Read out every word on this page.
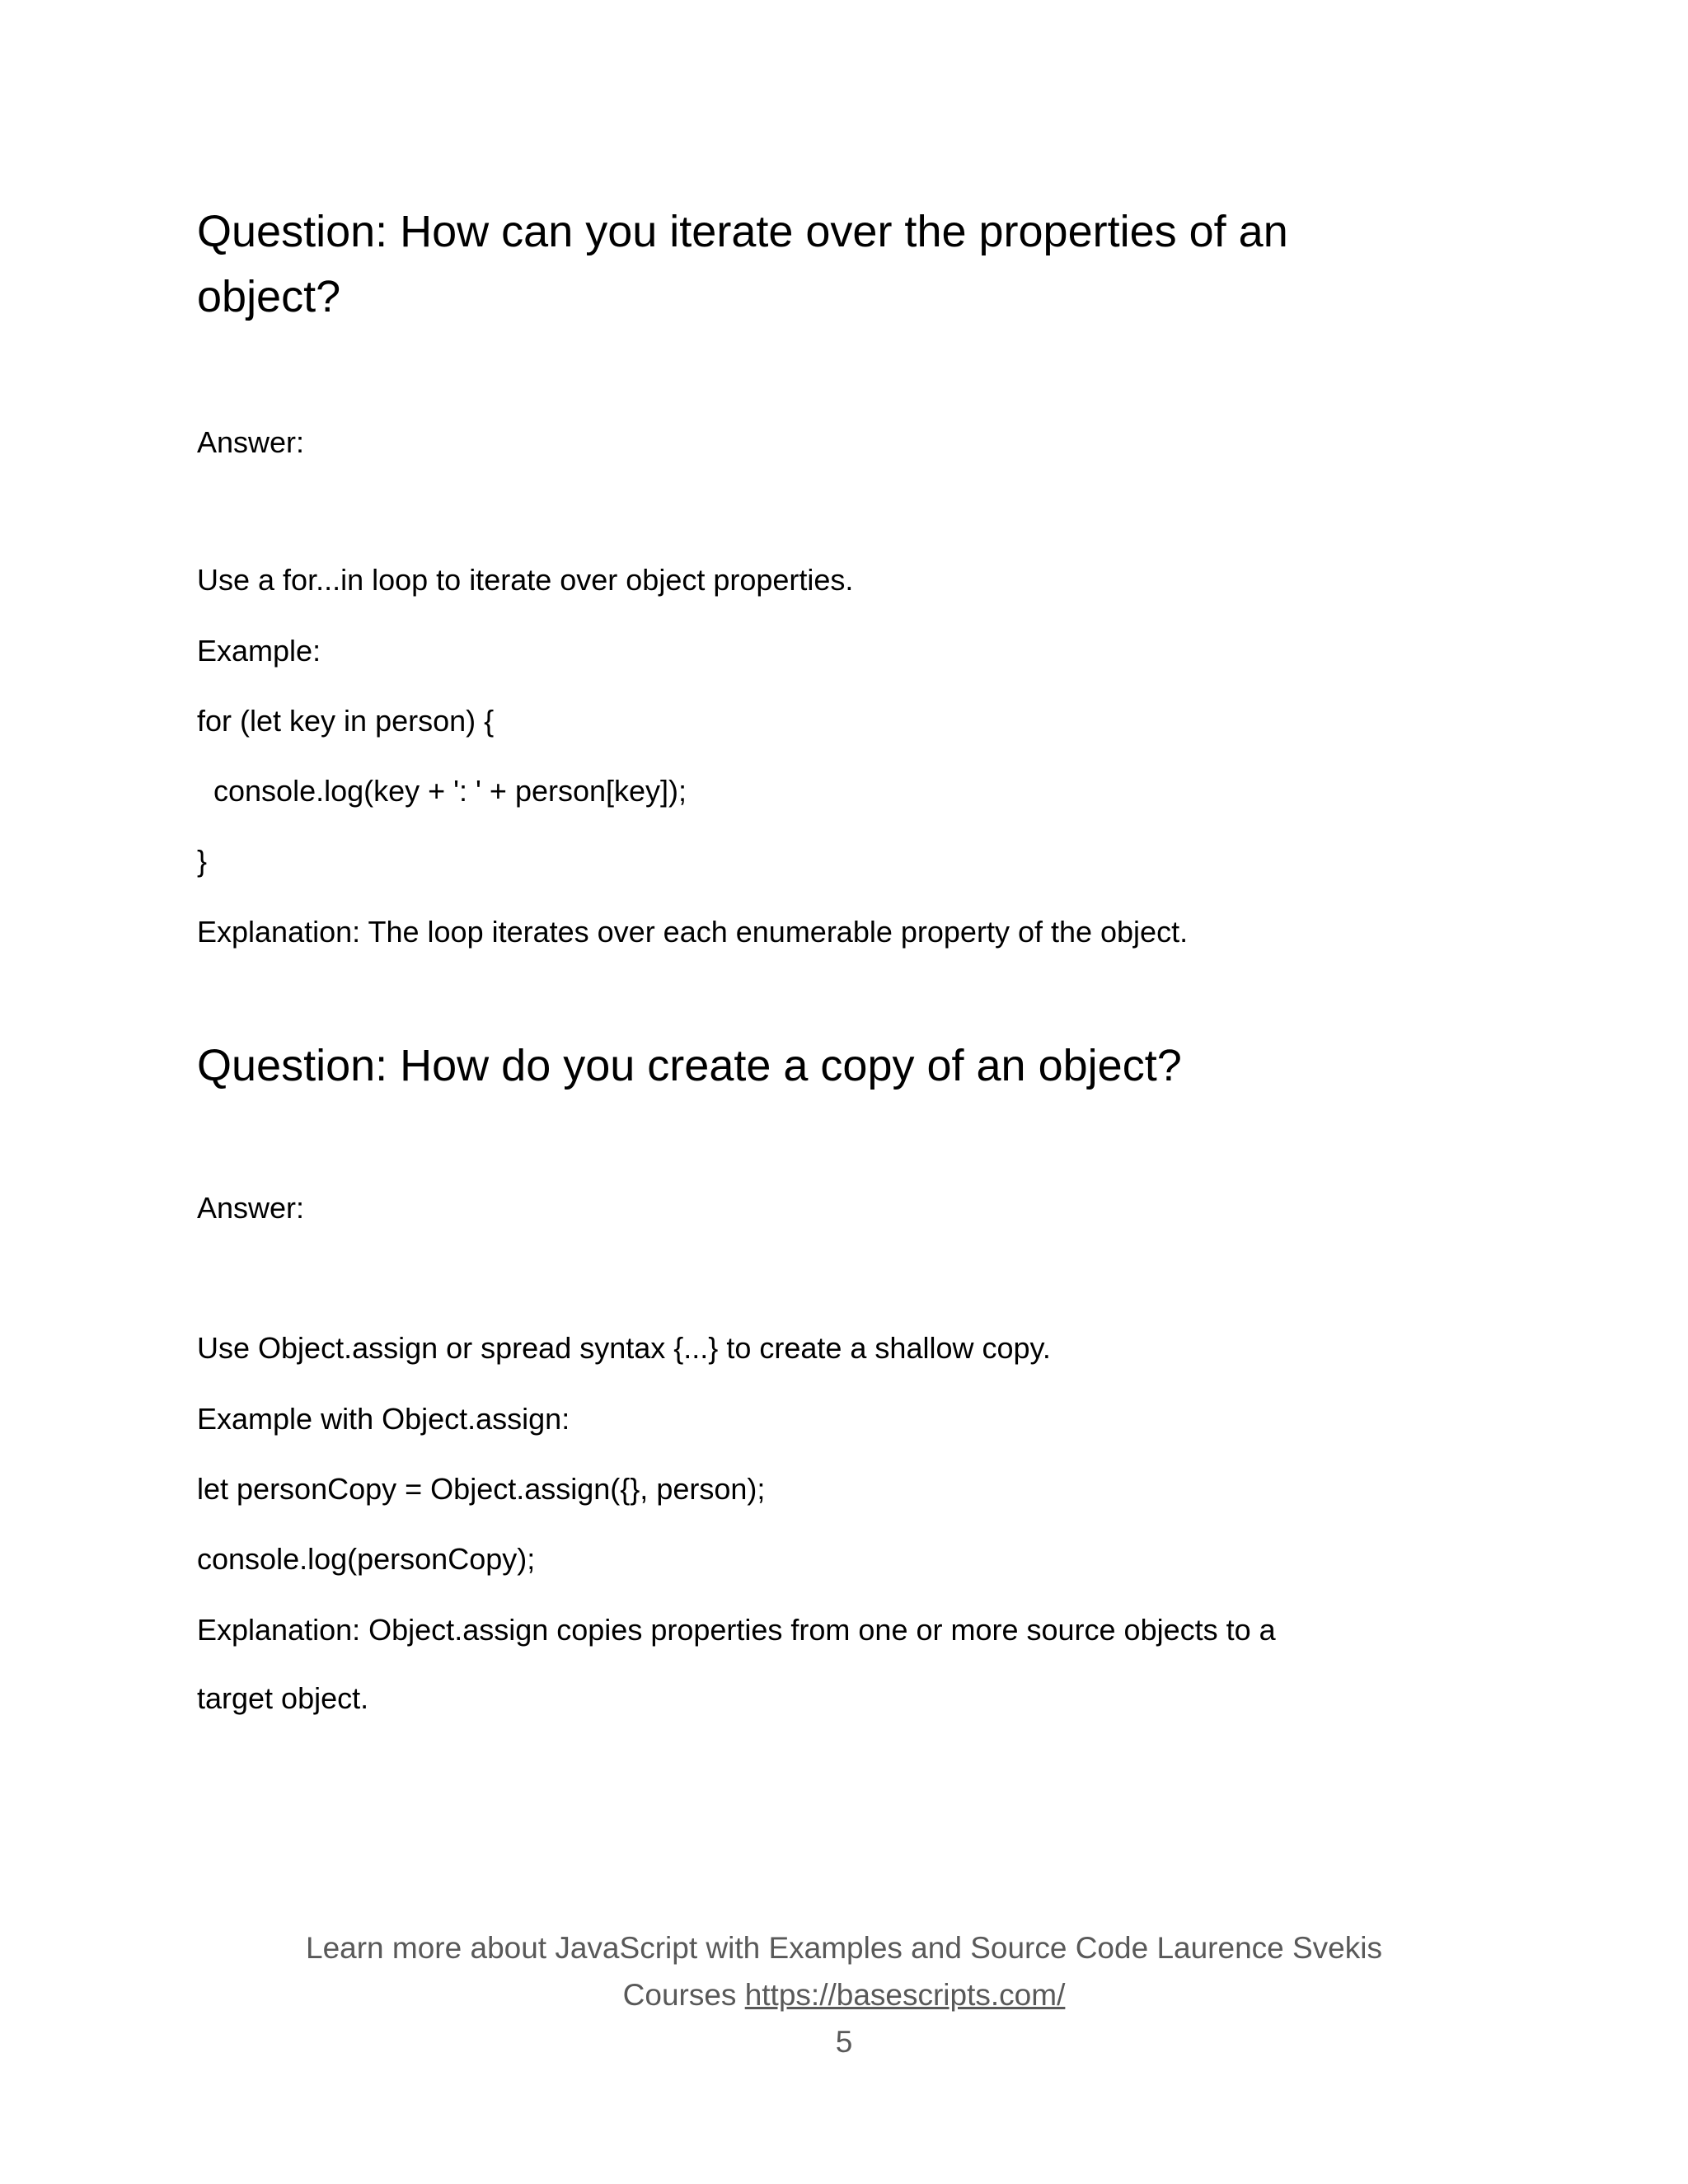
Question: How can you iterate over the properties of an
object?
Answer:
Use a for...in loop to iterate over object properties.
Example:
for (let key in person) {
console.log(key + ': ' + person[key]);
}
Explanation: The loop iterates over each enumerable property of the object.
Question: How do you create a copy of an object?
Answer:
Use Object.assign or spread syntax {...} to create a shallow copy.
Example with Object.assign:
let personCopy = Object.assign({}, person);
console.log(personCopy);
Explanation: Object.assign copies properties from one or more source objects to a
target object.
Learn more about JavaScript with Examples and Source Code Laurence Svekis
Courses https://basescripts.com/
5
